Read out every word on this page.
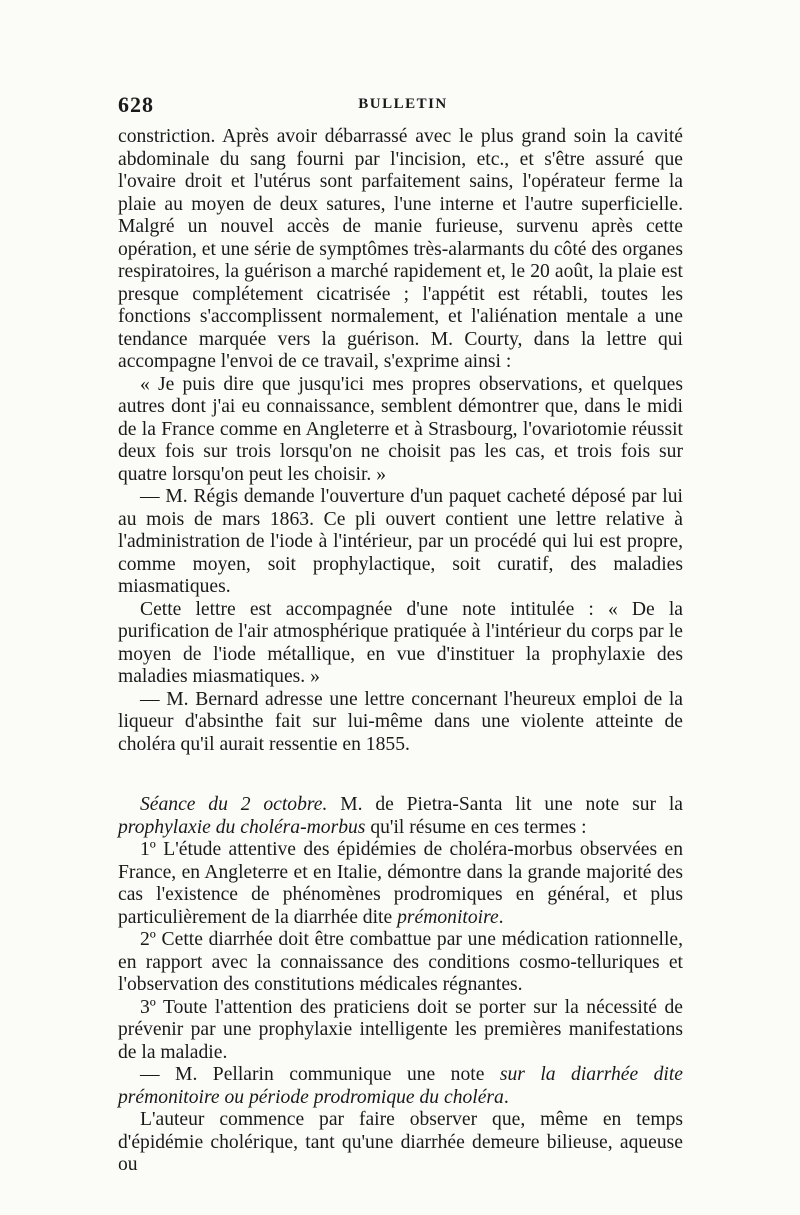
628	BULLETIN

constriction. Après avoir débarrassé avec le plus grand soin la cavité abdominale du sang fourni par l'incision, etc., et s'être assuré que l'ovaire droit et l'utérus sont parfaitement sains, l'opérateur ferme la plaie au moyen de deux satures, l'une interne et l'autre superficielle. Malgré un nouvel accès de manie furieuse, survenu après cette opération, et une série de symptômes très-alarmants du côté des organes respiratoires, la guérison a marché rapidement et, le 20 août, la plaie est presque complétement cicatrisée ; l'appétit est rétabli, toutes les fonctions s'accomplissent normalement, et l'aliénation mentale a une tendance marquée vers la guérison. M. Courty, dans la lettre qui accompagne l'envoi de ce travail, s'exprime ainsi :

« Je puis dire que jusqu'ici mes propres observations, et quelques autres dont j'ai eu connaissance, semblent démontrer que, dans le midi de la France comme en Angleterre et à Strasbourg, l'ovariotomie réussit deux fois sur trois lorsqu'on ne choisit pas les cas, et trois fois sur quatre lorsqu'on peut les choisir. »

— M. Régis demande l'ouverture d'un paquet cacheté déposé par lui au mois de mars 1863. Ce pli ouvert contient une lettre relative à l'administration de l'iode à l'intérieur, par un procédé qui lui est propre, comme moyen, soit prophylactique, soit curatif, des maladies miasmatiques.

Cette lettre est accompagnée d'une note intitulée : « De la purification de l'air atmosphérique pratiquée à l'intérieur du corps par le moyen de l'iode métallique, en vue d'instituer la prophylaxie des maladies miasmatiques. »

— M. Bernard adresse une lettre concernant l'heureux emploi de la liqueur d'absinthe fait sur lui-même dans une violente atteinte de choléra qu'il aurait ressentie en 1855.

Séance du 2 octobre. M. de Pietra-Santa lit une note sur la prophylaxie du choléra-morbus qu'il résume en ces termes :

1º L'étude attentive des épidémies de choléra-morbus observées en France, en Angleterre et en Italie, démontre dans la grande majorité des cas l'existence de phénomènes prodromiques en général, et plus particulièrement de la diarrhée dite prémonitoire.

2º Cette diarrhée doit être combattue par une médication rationnelle, en rapport avec la connaissance des conditions cosmo-telluriques et l'observation des constitutions médicales régnantes.

3º Toute l'attention des praticiens doit se porter sur la nécessité de prévenir par une prophylaxie intelligente les premières manifestations de la maladie.

— M. Pellarin communique une note sur la diarrhée dite prémonitoire ou période prodromique du choléra.

L'auteur commence par faire observer que, même en temps d'épidémie cholérique, tant qu'une diarrhée demeure bilieuse, aqueuse ou
